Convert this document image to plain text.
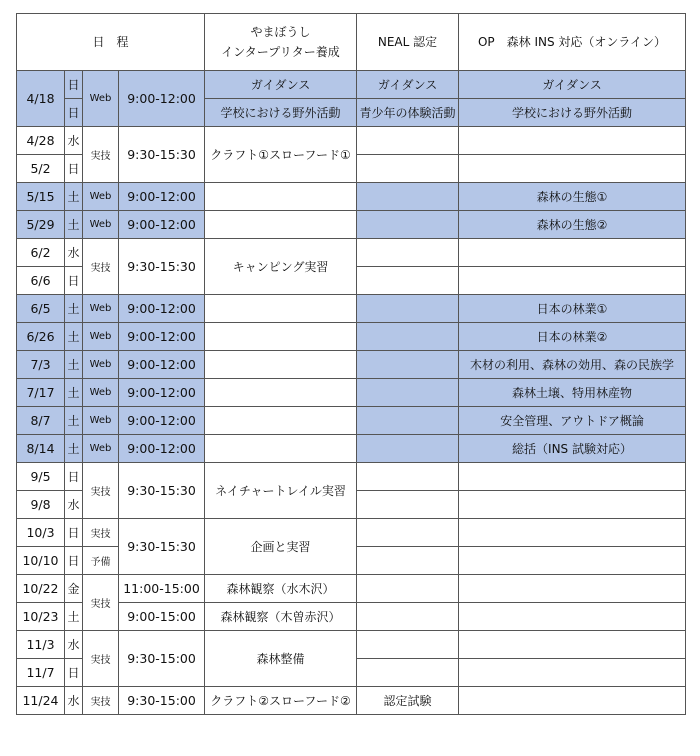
日　程				やまぼうし
インタープリター養成	NEAL 認定	OP　森林 INS 対応（オンライン）
4/18	日	Web	9:00-12:00	ガイダンス	ガイダンス	ガイダンス
	日			学校における野外活動	青少年の体験活動	学校における野外活動
4/28	水	実技	9:30-15:30	クラフト①スローフード①		
5/2	日					
5/15	土	Web	9:00-12:00			森林の生態①
5/29	土	Web	9:00-12:00			森林の生態②
6/2	水	実技	9:30-15:30	キャンピング実習		
6/6	日					
6/5	土	Web	9:00-12:00			日本の林業①
6/26	土	Web	9:00-12:00			日本の林業②
7/3	土	Web	9:00-12:00			木材の利用、森林の効用、森の民族学
7/17	土	Web	9:00-12:00			森林土壌、特用林産物
8/7	土	Web	9:00-12:00			安全管理、アウトドア概論
8/14	土	Web	9:00-12:00			総括（INS 試験対応）
9/5	日	実技	9:30-15:30	ネイチャートレイル実習		
9/8	水					
10/3	日	実技	9:30-15:30	企画と実習		
10/10	日	予備				
10/22	金	実技	11:00-15:00	森林観察（水木沢）		
10/23	土		9:00-15:00	森林観察（木曽赤沢）		
11/3	水	実技	9:30-15:00	森林整備		
11/7	日					
11/24	水	実技	9:30-15:00	クラフト②スローフード②	認定試験	
